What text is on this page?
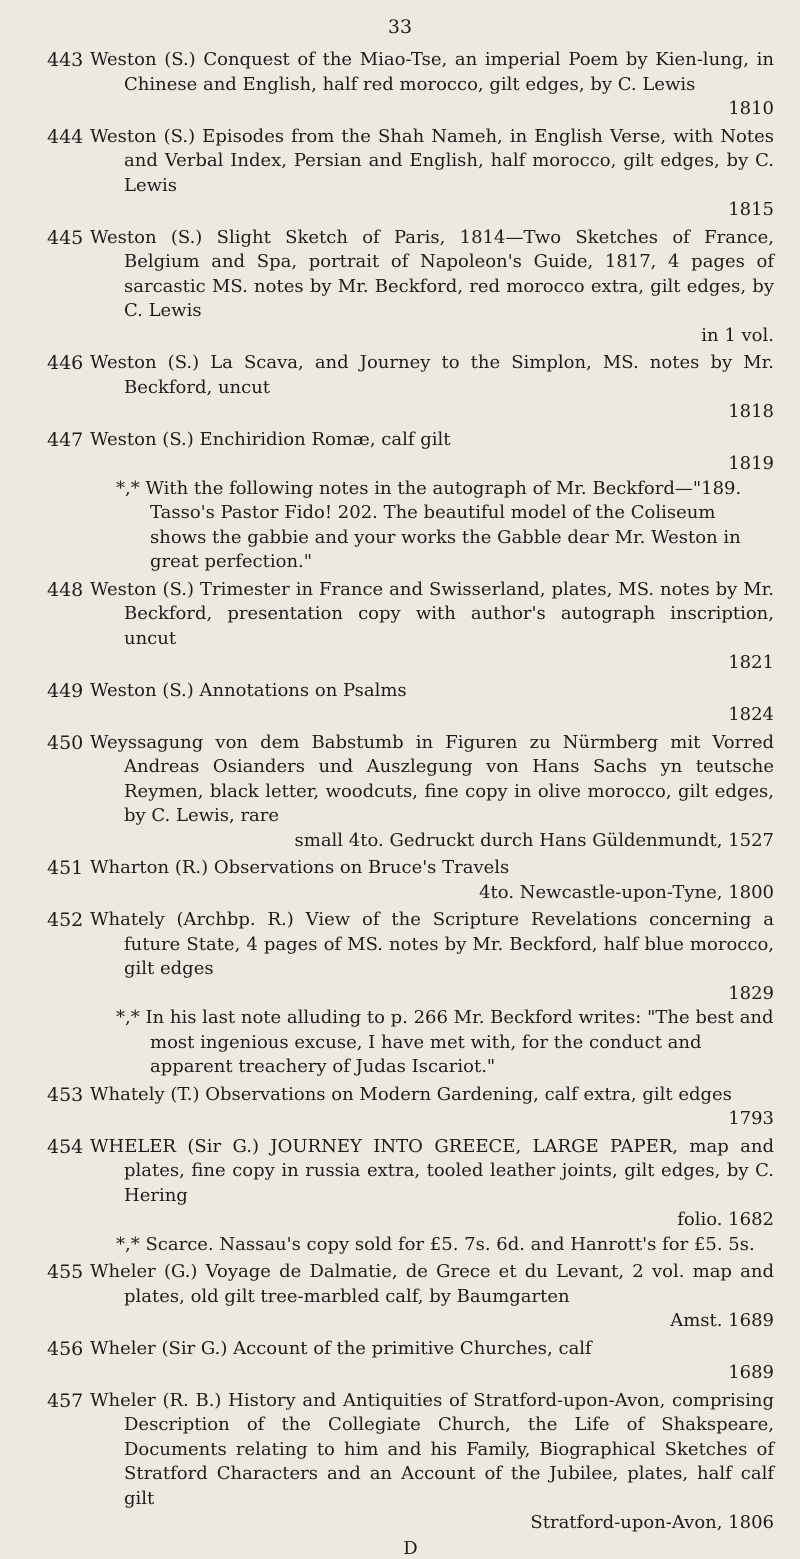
33
443 Weston (S.) Conquest of the Miao-Tse, an imperial Poem by Kien-lung, in Chinese and English, half red morocco, gilt edges, by C. Lewis
1810
444 Weston (S.) Episodes from the Shah Nameh, in English Verse, with Notes and Verbal Index, Persian and English, half morocco, gilt edges, by C. Lewis
1815
445 Weston (S.) Slight Sketch of Paris, 1814—Two Sketches of France, Belgium and Spa, portrait of Napoleon's Guide, 1817, 4 pages of sarcastic MS. notes by Mr. Beckford, red morocco extra, gilt edges, by C. Lewis
in 1 vol.
446 Weston (S.) La Scava, and Journey to the Simplon, MS. notes by Mr. Beckford, uncut
1818
447 Weston (S.) Enchiridion Romæ, calf gilt
1819
*,* With the following notes in the autograph of Mr. Beckford—"189. Tasso's Pastor Fido! 202. The beautiful model of the Coliseum shows the gabbie and your works the Gabble dear Mr. Weston in great perfection."
448 Weston (S.) Trimester in France and Swisserland, plates, MS. notes by Mr. Beckford, presentation copy with author's autograph inscription, uncut
1821
449 Weston (S.) Annotations on Psalms
1824
450 Weyssagung von dem Babstumb in Figuren zu Nürmberg mit Vorred Andreas Osianders und Auszlegung von Hans Sachs yn teutsche Reymen, black letter, woodcuts, fine copy in olive morocco, gilt edges, by C. Lewis, rare
small 4to. Gedruckt durch Hans Güldenmundt, 1527
451 Wharton (R.) Observations on Bruce's Travels
4to. Newcastle-upon-Tyne, 1800
452 Whately (Archbp. R.) View of the Scripture Revelations concerning a future State, 4 pages of MS. notes by Mr. Beckford, half blue morocco, gilt edges
1829
*,* In his last note alluding to p. 266 Mr. Beckford writes: "The best and most ingenious excuse, I have met with, for the conduct and apparent treachery of Judas Iscariot."
453 Whately (T.) Observations on Modern Gardening, calf extra, gilt edges
1793
454 WHELER (Sir G.) JOURNEY INTO GREECE, LARGE PAPER, map and plates, fine copy in russia extra, tooled leather joints, gilt edges, by C. Hering
folio. 1682
*,* Scarce. Nassau's copy sold for £5. 7s. 6d. and Hanrott's for £5. 5s.
455 Wheler (G.) Voyage de Dalmatie, de Grece et du Levant, 2 vol. map and plates, old gilt tree-marbled calf, by Baumgarten
Amst. 1689
456 Wheler (Sir G.) Account of the primitive Churches, calf
1689
457 Wheler (R. B.) History and Antiquities of Stratford-upon-Avon, comprising Description of the Collegiate Church, the Life of Shakspeare, Documents relating to him and his Family, Biographical Sketches of Stratford Characters and an Account of the Jubilee, plates, half calf gilt
Stratford-upon-Avon, 1806
D
